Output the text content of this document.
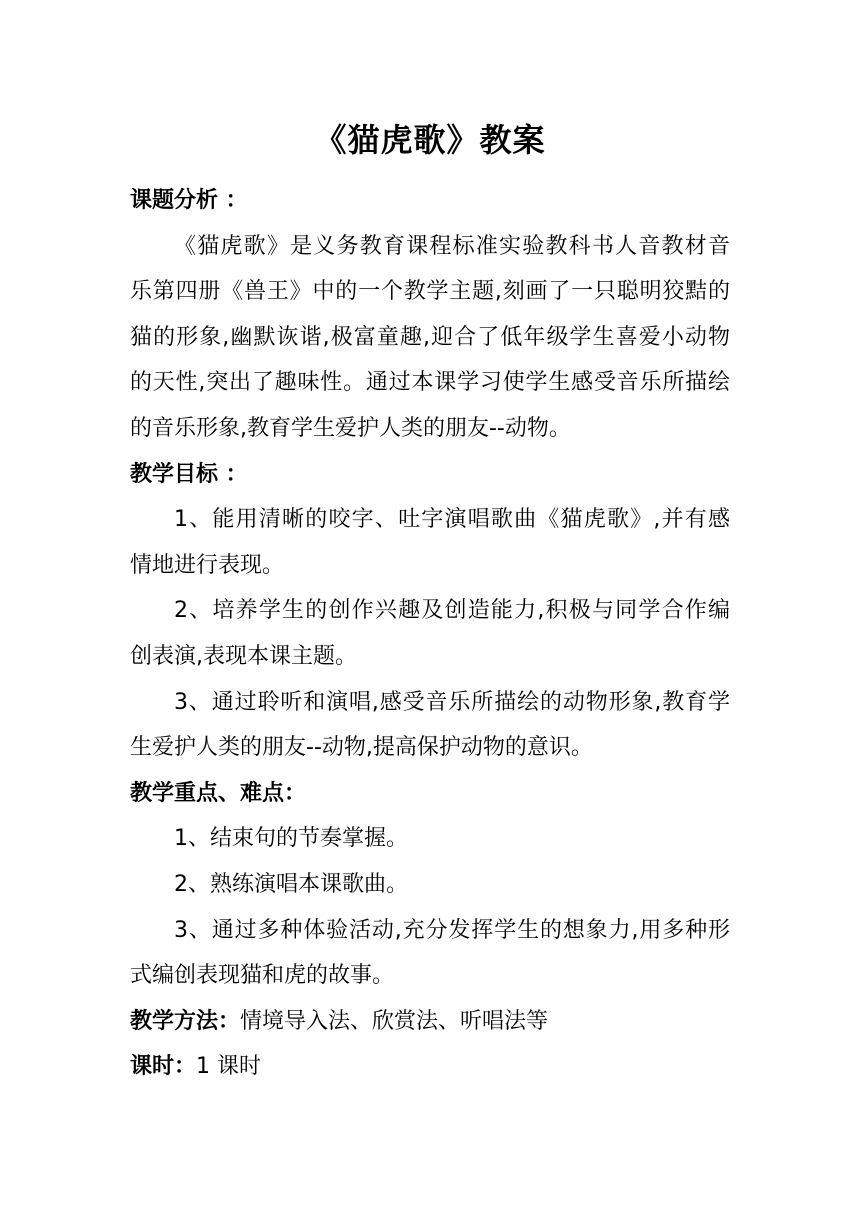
《猫虎歌》教案
课题分析 ：
《猫虎歌》是义务教育课程标准实验教科书人音教材音
乐第四册《兽王》中的一个教学主题,刻画了一只聪明狡黠的
猫的形象,幽默诙谐,极富童趣,迎合了低年级学生喜爱小动物
的天性,突出了趣味性。通过本课学习使学生感受音乐所描绘
的音乐形象,教育学生爱护人类的朋友--动物。
教学目标 ：
1、能用清晰的咬字、吐字演唱歌曲《猫虎歌》,并有感
情地进行表现。
2、培养学生的创作兴趣及创造能力,积极与同学合作编
创表演,表现本课主题。
3、通过聆听和演唱,感受音乐所描绘的动物形象,教育学
生爱护人类的朋友--动物,提高保护动物的意识。
教学重点、难点：
1、结束句的节奏掌握。
2、熟练演唱本课歌曲。
3、通过多种体验活动,充分发挥学生的想象力,用多种形
式编创表现猫和虎的故事。
教学方法：情境导入法、欣赏法、听唱法等
课时：1 课时
